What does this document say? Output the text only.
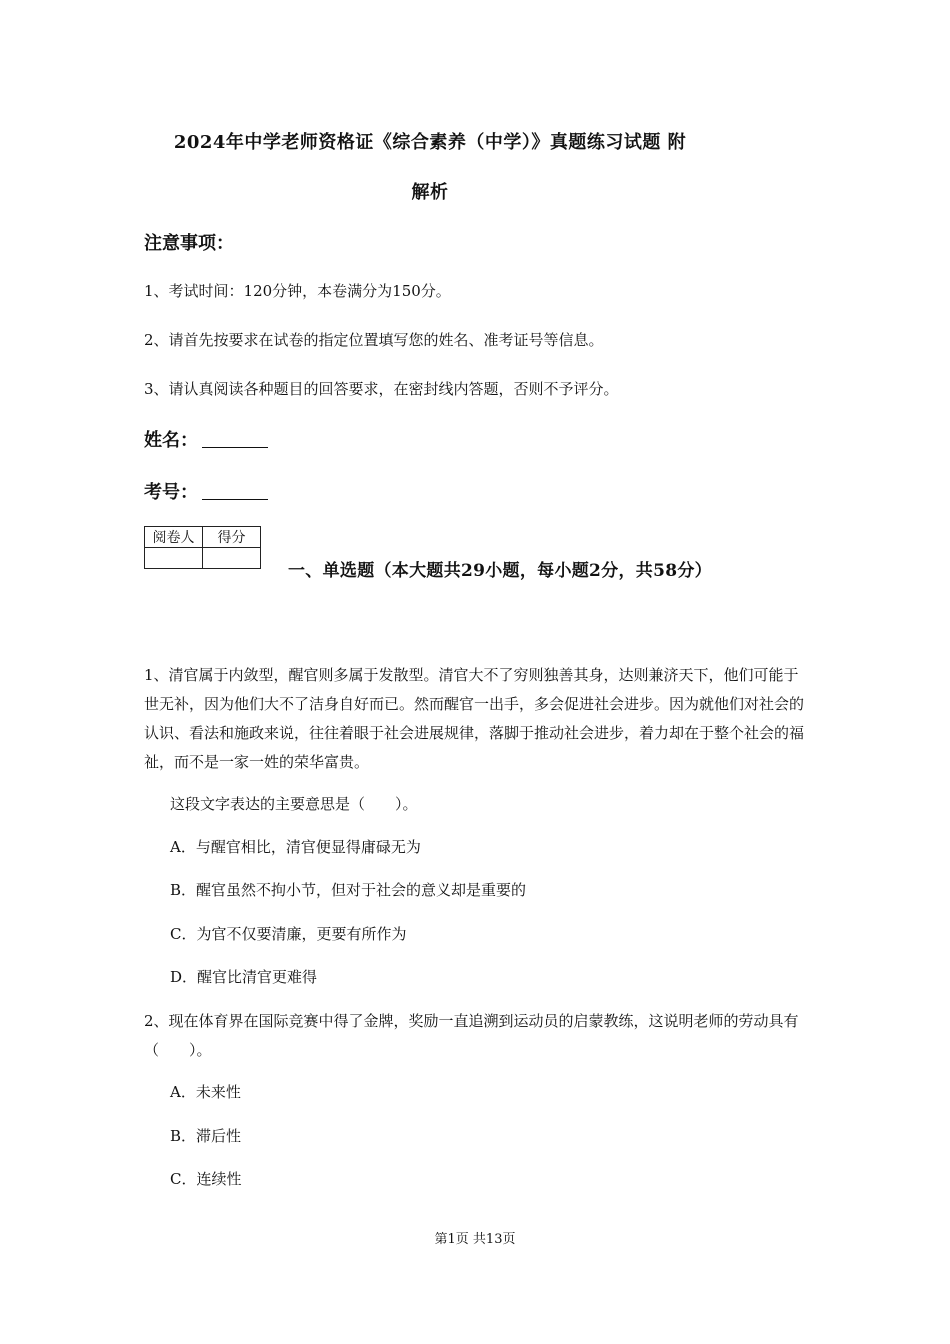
2024年中学老师资格证《综合素养（中学）》真题练习试题 附
解析
注意事项：
1、考试时间：120分钟，本卷满分为150分。
2、请首先按要求在试卷的指定位置填写您的姓名、准考证号等信息。
3、请认真阅读各种题目的回答要求，在密封线内答题，否则不予评分。
姓名：
考号：
阅卷人	得分

一、单选题（本大题共29小题，每小题2分，共58分）

1、清官属于内敛型，醒官则多属于发散型。清官大不了穷则独善其身，达则兼济天下，他们可能于世无补，因为他们大不了洁身自好而已。然而醒官一出手，多会促进社会进步。因为就他们对社会的认识、看法和施政来说，往往着眼于社会进展规律，落脚于推动社会进步，着力却在于整个社会的福祉，而不是一家一姓的荣华富贵。

这段文字表达的主要意思是（　　）。
A．与醒官相比，清官便显得庸碌无为
B．醒官虽然不拘小节，但对于社会的意义却是重要的
C．为官不仅要清廉，更要有所作为
D．醒官比清官更难得

2、现在体育界在国际竞赛中得了金牌，奖励一直追溯到运动员的启蒙教练，这说明老师的劳动具有（　　）。

A．未来性
B．滞后性
C．连续性
第1页 共13页
